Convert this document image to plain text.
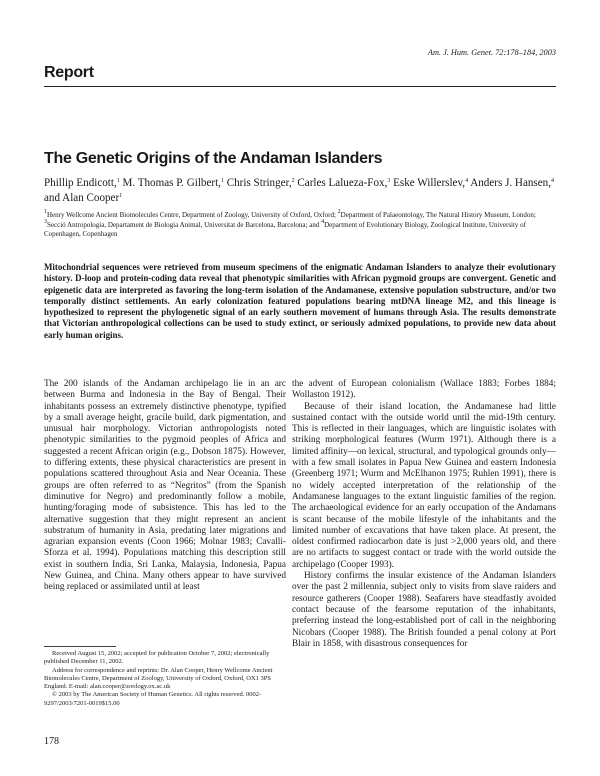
Am. J. Hum. Genet. 72:178–184, 2003
Report
The Genetic Origins of the Andaman Islanders
Phillip Endicott,$^1$ M. Thomas P. Gilbert,$^1$ Chris Stringer,$^2$ Carles Lalueza-Fox,$^3$ Eske Willerslev,$^4$ Anders J. Hansen,$^4$ and Alan Cooper$^1$
$^1$Henry Wellcome Ancient Biomolecules Centre, Department of Zoology, University of Oxford, Oxford; $^2$Department of Palaeontology, The Natural History Museum, London; $^3$Secció Antropologia, Departament de Biologia Animal, Universitat de Barcelona, Barcelona; and $^4$Department of Evolutionary Biology, Zoological Institute, University of Copenhagen, Copenhagen
Mitochondrial sequences were retrieved from museum specimens of the enigmatic Andaman Islanders to analyze their evolutionary history. D-loop and protein-coding data reveal that phenotypic similarities with African pygmoid groups are convergent. Genetic and epigenetic data are interpreted as favoring the long-term isolation of the Andamanese, extensive population substructure, and/or two temporally distinct settlements. An early colonization featured populations bearing mtDNA lineage M2, and this lineage is hypothesized to represent the phylogenetic signal of an early southern movement of humans through Asia. The results demonstrate that Victorian anthropological collections can be used to study extinct, or seriously admixed populations, to provide new data about early human origins.

The 200 islands of the Andaman archipelago lie in an arc between Burma and Indonesia in the Bay of Bengal. Their inhabitants possess an extremely distinctive phenotype, typified by a small average height, gracile build, dark pigmentation, and unusual hair morphology. Victorian anthropologists noted phenotypic similarities to the pygmoid peoples of Africa and suggested a recent African origin (e.g., Dobson 1875). However, to differing extents, these physical characteristics are present in populations scattered throughout Asia and Near Oceania. These groups are often referred to as “Negritos” (from the Spanish diminutive for Negro) and predominantly follow a mobile, hunting/foraging mode of subsistence. This has led to the alternative suggestion that they might represent an ancient substratum of humanity in Asia, predating later migrations and agrarian expansion events (Coon 1966; Molnar 1983; Cavalli-Sforza et al. 1994). Populations matching this description still exist in southern India, Sri Lanka, Malaysia, Indonesia, Papua New Guinea, and China. Many others appear to have survived being replaced or assimilated until at least

the advent of European colonialism (Wallace 1883; Forbes 1884; Wollaston 1912).

Because of their island location, the Andamanese had little sustained contact with the outside world until the mid-19th century. This is reflected in their languages, which are linguistic isolates with striking morphological features (Wurm 1971). Although there is a limited affinity—on lexical, structural, and typological grounds only—with a few small isolates in Papua New Guinea and eastern Indonesia (Greenberg 1971; Wurm and McElhanon 1975; Ruhlen 1991), there is no widely accepted interpretation of the relationship of the Andamanese languages to the extant linguistic families of the region. The archaeological evidence for an early occupation of the Andamans is scant because of the mobile lifestyle of the inhabitants and the limited number of excavations that have taken place. At present, the oldest confirmed radiocarbon date is just >2,000 years old, and there are no artifacts to suggest contact or trade with the world outside the archipelago (Cooper 1993).

History confirms the insular existence of the Andaman Islanders over the past 2 millennia, subject only to visits from slave raiders and resource gatherers (Cooper 1988). Seafarers have steadfastly avoided contact because of the fearsome reputation of the inhabitants, preferring instead the long-established port of call in the neighboring Nicobars (Cooper 1988). The British founded a penal colony at Port Blair in 1858, with disastrous consequences for

Received August 15, 2002; accepted for publication October 7, 2002; electronically published December 11, 2002.

Address for correspondence and reprints: Dr. Alan Cooper, Henry Wellcome Ancient Biomolecules Centre, Department of Zoology, University of Oxford, Oxford, OX1 3PS England. E-mail: alan.cooper@zoology.ox.ac.uk

© 2003 by The American Society of Human Genetics. All rights reserved. 0002-9297/2003/7201-0019$15.00

178
